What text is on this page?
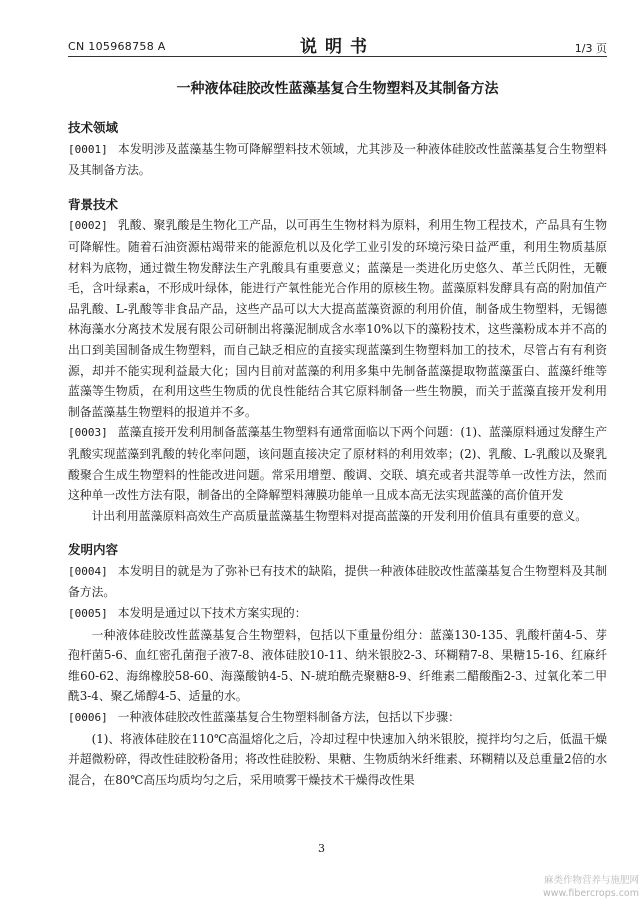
CN 105968758 A	说明书	1/3 页
一种液体硅胶改性蓝藻基复合生物塑料及其制备方法

技术领域

[0001] 本发明涉及蓝藻基生物可降解塑料技术领域，尤其涉及一种液体硅胶改性蓝藻基复合生物塑料及其制备方法。

背景技术

[0002] 乳酸、聚乳酸是生物化工产品，以可再生生物材料为原料，利用生物工程技术，产品具有生物可降解性。随着石油资源枯竭带来的能源危机以及化学工业引发的环境污染日益严重，利用生物质基原材料为底物，通过微生物发酵法生产乳酸具有重要意义；蓝藻是一类进化历史悠久、革兰氏阴性，无鞭毛，含叶绿素a，不形成叶绿体，能进行产氧性能光合作用的原核生物。蓝藻原料发酵具有高的附加值产品乳酸、L-乳酸等非食品产品，这些产品可以大大提高蓝藻资源的利用价值，制备成生物塑料，无锡德林海藻水分离技术发展有限公司研制出将藻泥制成含水率10%以下的藻粉技术，这些藻粉成本并不高的出口到美国制备成生物塑料，而自己缺乏相应的直接实现蓝藻到生物塑料加工的技术，尽管占有有利资源，却并不能实现利益最大化；国内目前对蓝藻的利用多集中先制备蓝藻提取物蓝藻蛋白、蓝藻纤维等蓝藻等生物质，在利用这些生物质的优良性能结合其它原料制备一些生物膜，而关于蓝藻直接开发利用制备蓝藻基生物塑料的报道并不多。

[0003] 蓝藻直接开发利用制备蓝藻基生物塑料有通常面临以下两个问题：(1)、蓝藻原料通过发酵生产乳酸实现蓝藻到乳酸的转化率问题，该问题直接决定了原材料的利用效率；(2)、乳酸、L-乳酸以及聚乳酸聚合生成生物塑料的性能改进问题。常采用增塑、酸调、交联、填充或者共混等单一改性方法，然而这种单一改性方法有限，制备出的全降解塑料薄膜功能单一且成本高无法实现蓝藻的高价值开发

计出利用蓝藻原料高效生产高质量蓝藻基生物塑料对提高蓝藻的开发利用价值具有重要的意义。

发明内容

[0004] 本发明目的就是为了弥补已有技术的缺陷，提供一种液体硅胶改性蓝藻基复合生物塑料及其制备方法。

[0005] 本发明是通过以下技术方案实现的：

一种液体硅胶改性蓝藻基复合生物塑料，包括以下重量份组分：蓝藻130-135、乳酸杆菌4-5、芽孢杆菌5-6、血红密孔菌孢子液7-8、液体硅胶10-11、纳米银胶2-3、环糊精7-8、果糖15-16、红麻纤维60-62、海绵橡胶58-60、海藻酸钠4-5、N-琥珀酰壳聚糖8-9、纤维素二醋酸酯2-3、过氧化苯二甲酰3-4、聚乙烯醇4-5、适量的水。

[0006] 一种液体硅胶改性蓝藻基复合生物塑料制备方法，包括以下步骤：

(1)、将液体硅胶在110℃高温熔化之后，冷却过程中快速加入纳米银胶，搅拌均匀之后，低温干燥并超微粉碎，得改性硅胶粉备用；将改性硅胶粉、果糖、生物质纳米纤维素、环糊精以及总重量2倍的水混合，在80℃高压均质均匀之后，采用喷雾干燥技术干燥得改性果

3
麻类作物营养与施肥网
www.fibercrops.com
